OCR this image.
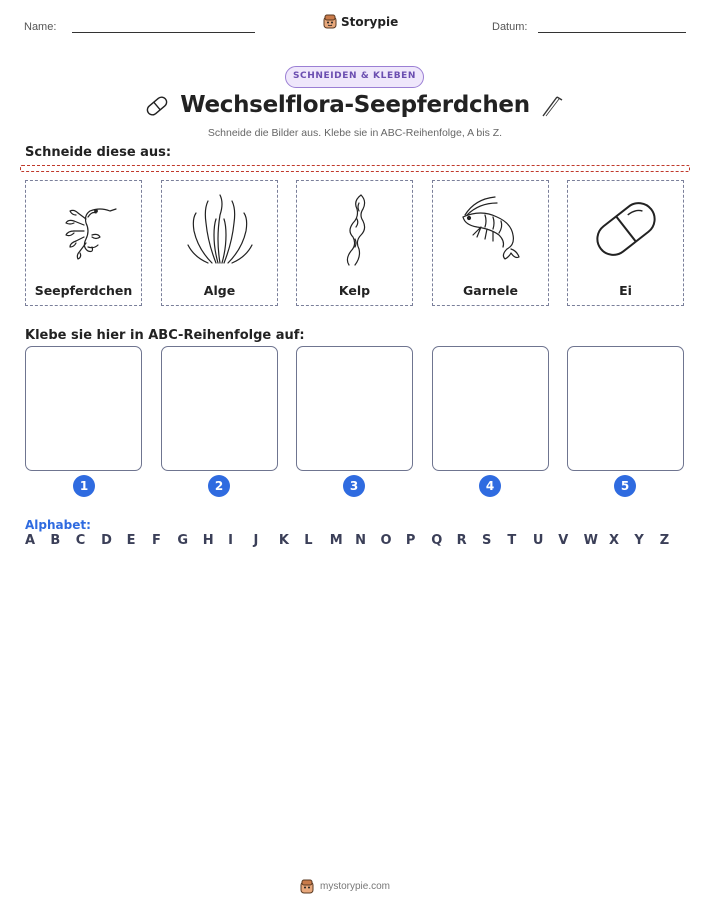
Name:	Storypie	Datum:
SCHNEIDEN & KLEBEN
Wechselflora-Seepferdchen
Schneide die Bilder aus. Klebe sie in ABC-Reihenfolge, A bis Z.
Schneide diese aus:
Seepferdchen	Alge	Kelp	Garnele	Ei
Klebe sie hier in ABC-Reihenfolge auf:
1	2	3	4	5
Alphabet:
A	B	C	D	E	F	G	H	I	J	K	L	M N	O	P	Q	R	S	T	U	V	W X	Y	Z
mystorypie.com
